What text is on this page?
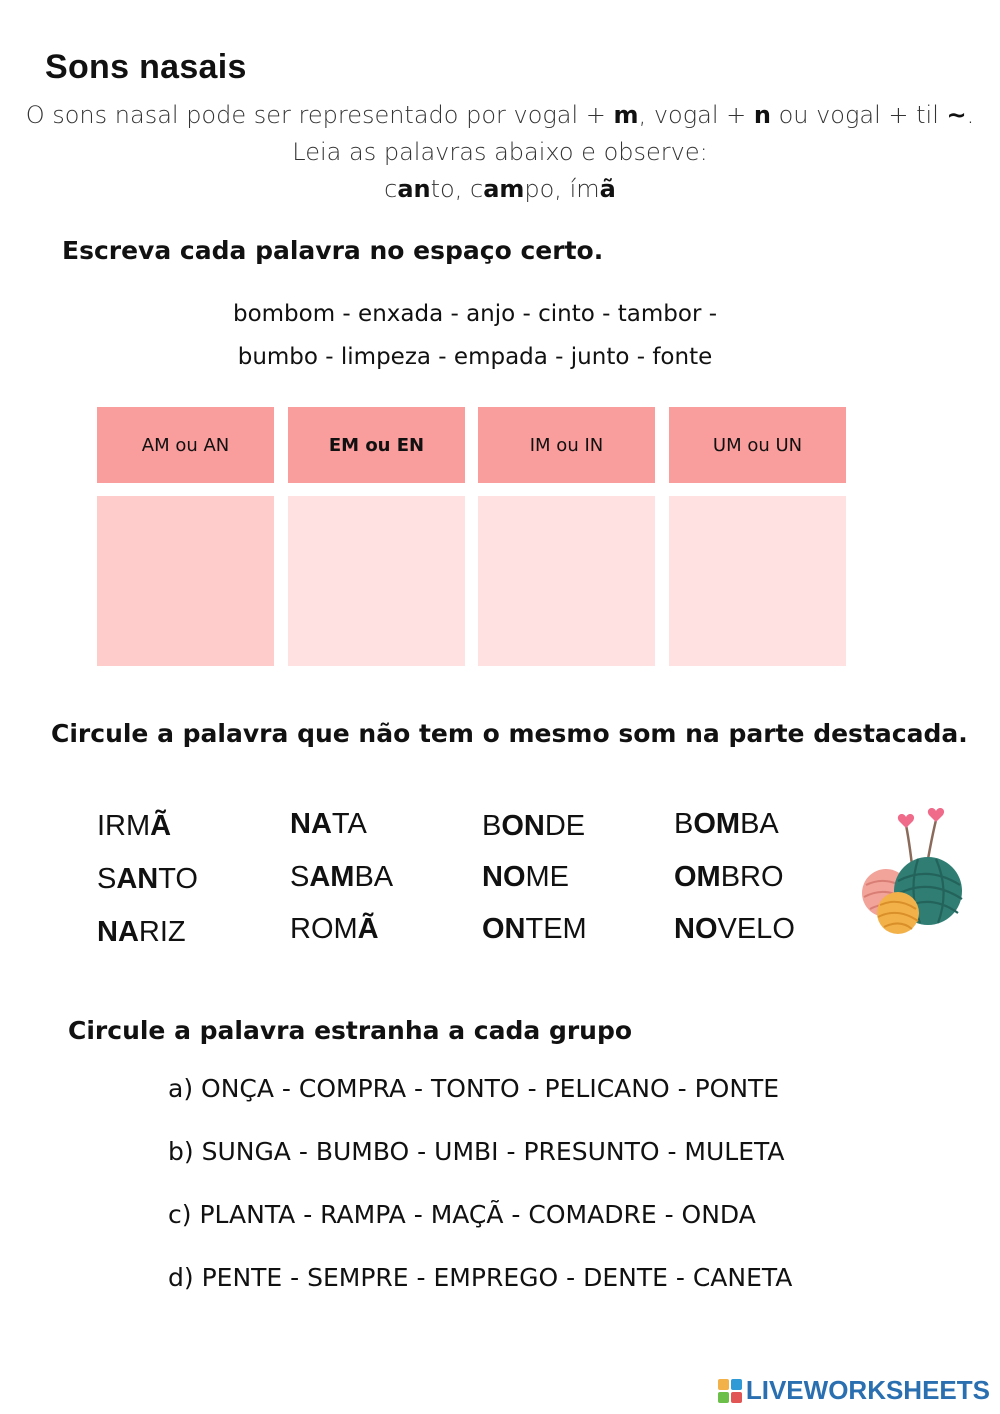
Sons nasais
O sons nasal pode ser representado por vogal + m, vogal + n ou vogal + til ~.
Leia as palavras abaixo e observe:
canto, campo, ímã
Escreva cada palavra no espaço certo.
bombom - enxada - anjo - cinto - tambor -
bumbo - limpeza - empada - junto - fonte
AM ou AN	EM ou EN	IM ou IN	UM ou UN
Circule a palavra que não tem o mesmo som na parte destacada.
IRMÃ	NATA	BONDE	BOMBA
SANTO	SAMBA	NOME	OMBRO
NARIZ	ROMÃ	ONTEM	NOVELO
Circule a palavra estranha a cada grupo
a) ONÇA - COMPRA - TONTO - PELICANO - PONTE
b) SUNGA - BUMBO - UMBI - PRESUNTO - MULETA
c) PLANTA - RAMPA - MAÇÃ - COMADRE - ONDA
d) PENTE - SEMPRE - EMPREGO - DENTE - CANETA
LIVEWORKSHEETS
